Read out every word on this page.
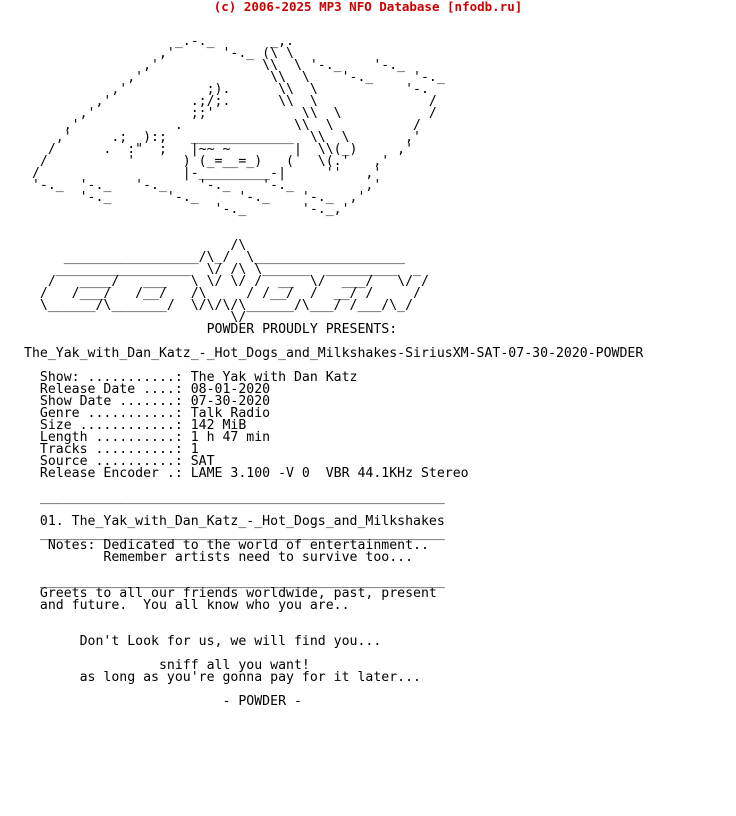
(c) 2006-2025 MP3 NFO Database [nfodb.ru]

_.-._       _,.
,'      '-._ (\ \
,'             \\  \ '-._    '-._
,'                \\  \    '-._     '-._
,'          ;).      \\  \           '-.
,'          .;/;.      \\  \              /
,'            ;;'           \\  \           /
,'            .              \\  \          /
,'     .;  ):;   _____________  \\  \       ,'
/      .  :"  ;   |~~ ~        |  \\(_)     ,'
/          '      ) (_=__=_)   (   \(.'   ,'
/                  |-_________-|     ''   ,'
'-._  '-._   '-._    '-._    '-._         ,'
'-._       '-._     '-._    '-._  ,'
'-._       '-._,'

/\
_________________/\_/  \___________________
_________________  \/ /\ \______  _________  _
/   ____/   ___   \ \/ \/ /  __  \/  ___/   \/ /
/   /___/   /__/   /\     / /__/  /  __/ /     /
\______/\_______/  \/\/\/\______/\___/ /___/\_/
\/
POWDER PROUDLY PRESENTS:

The_Yak_with_Dan_Katz_-_Hot_Dogs_and_Milkshakes-SiriusXM-SAT-07-30-2020-POWDER

Show: ...........: The Yak with Dan Katz
Release Date ....: 08-01-2020
Show Date .......: 07-30-2020
Genre ...........: Talk Radio
Size ............: 142 MiB
Length ..........: 1 h 47 min
Tracks ..........: 1
Source ..........: SAT
Release Encoder .: LAME 3.100 -V 0  VBR 44.1KHz Stereo

___________________________________________________

01. The_Yak_with_Dan_Katz_-_Hot_Dogs_and_Milkshakes
___________________________________________________
Notes: Dedicated to the world of entertainment..
Remember artists need to survive too...

___________________________________________________
Greets to all our friends worldwide, past, present
and future.  You all know who you are..

Don't Look for us, we will find you...

sniff all you want!
as long as you're gonna pay for it later...

- POWDER -
